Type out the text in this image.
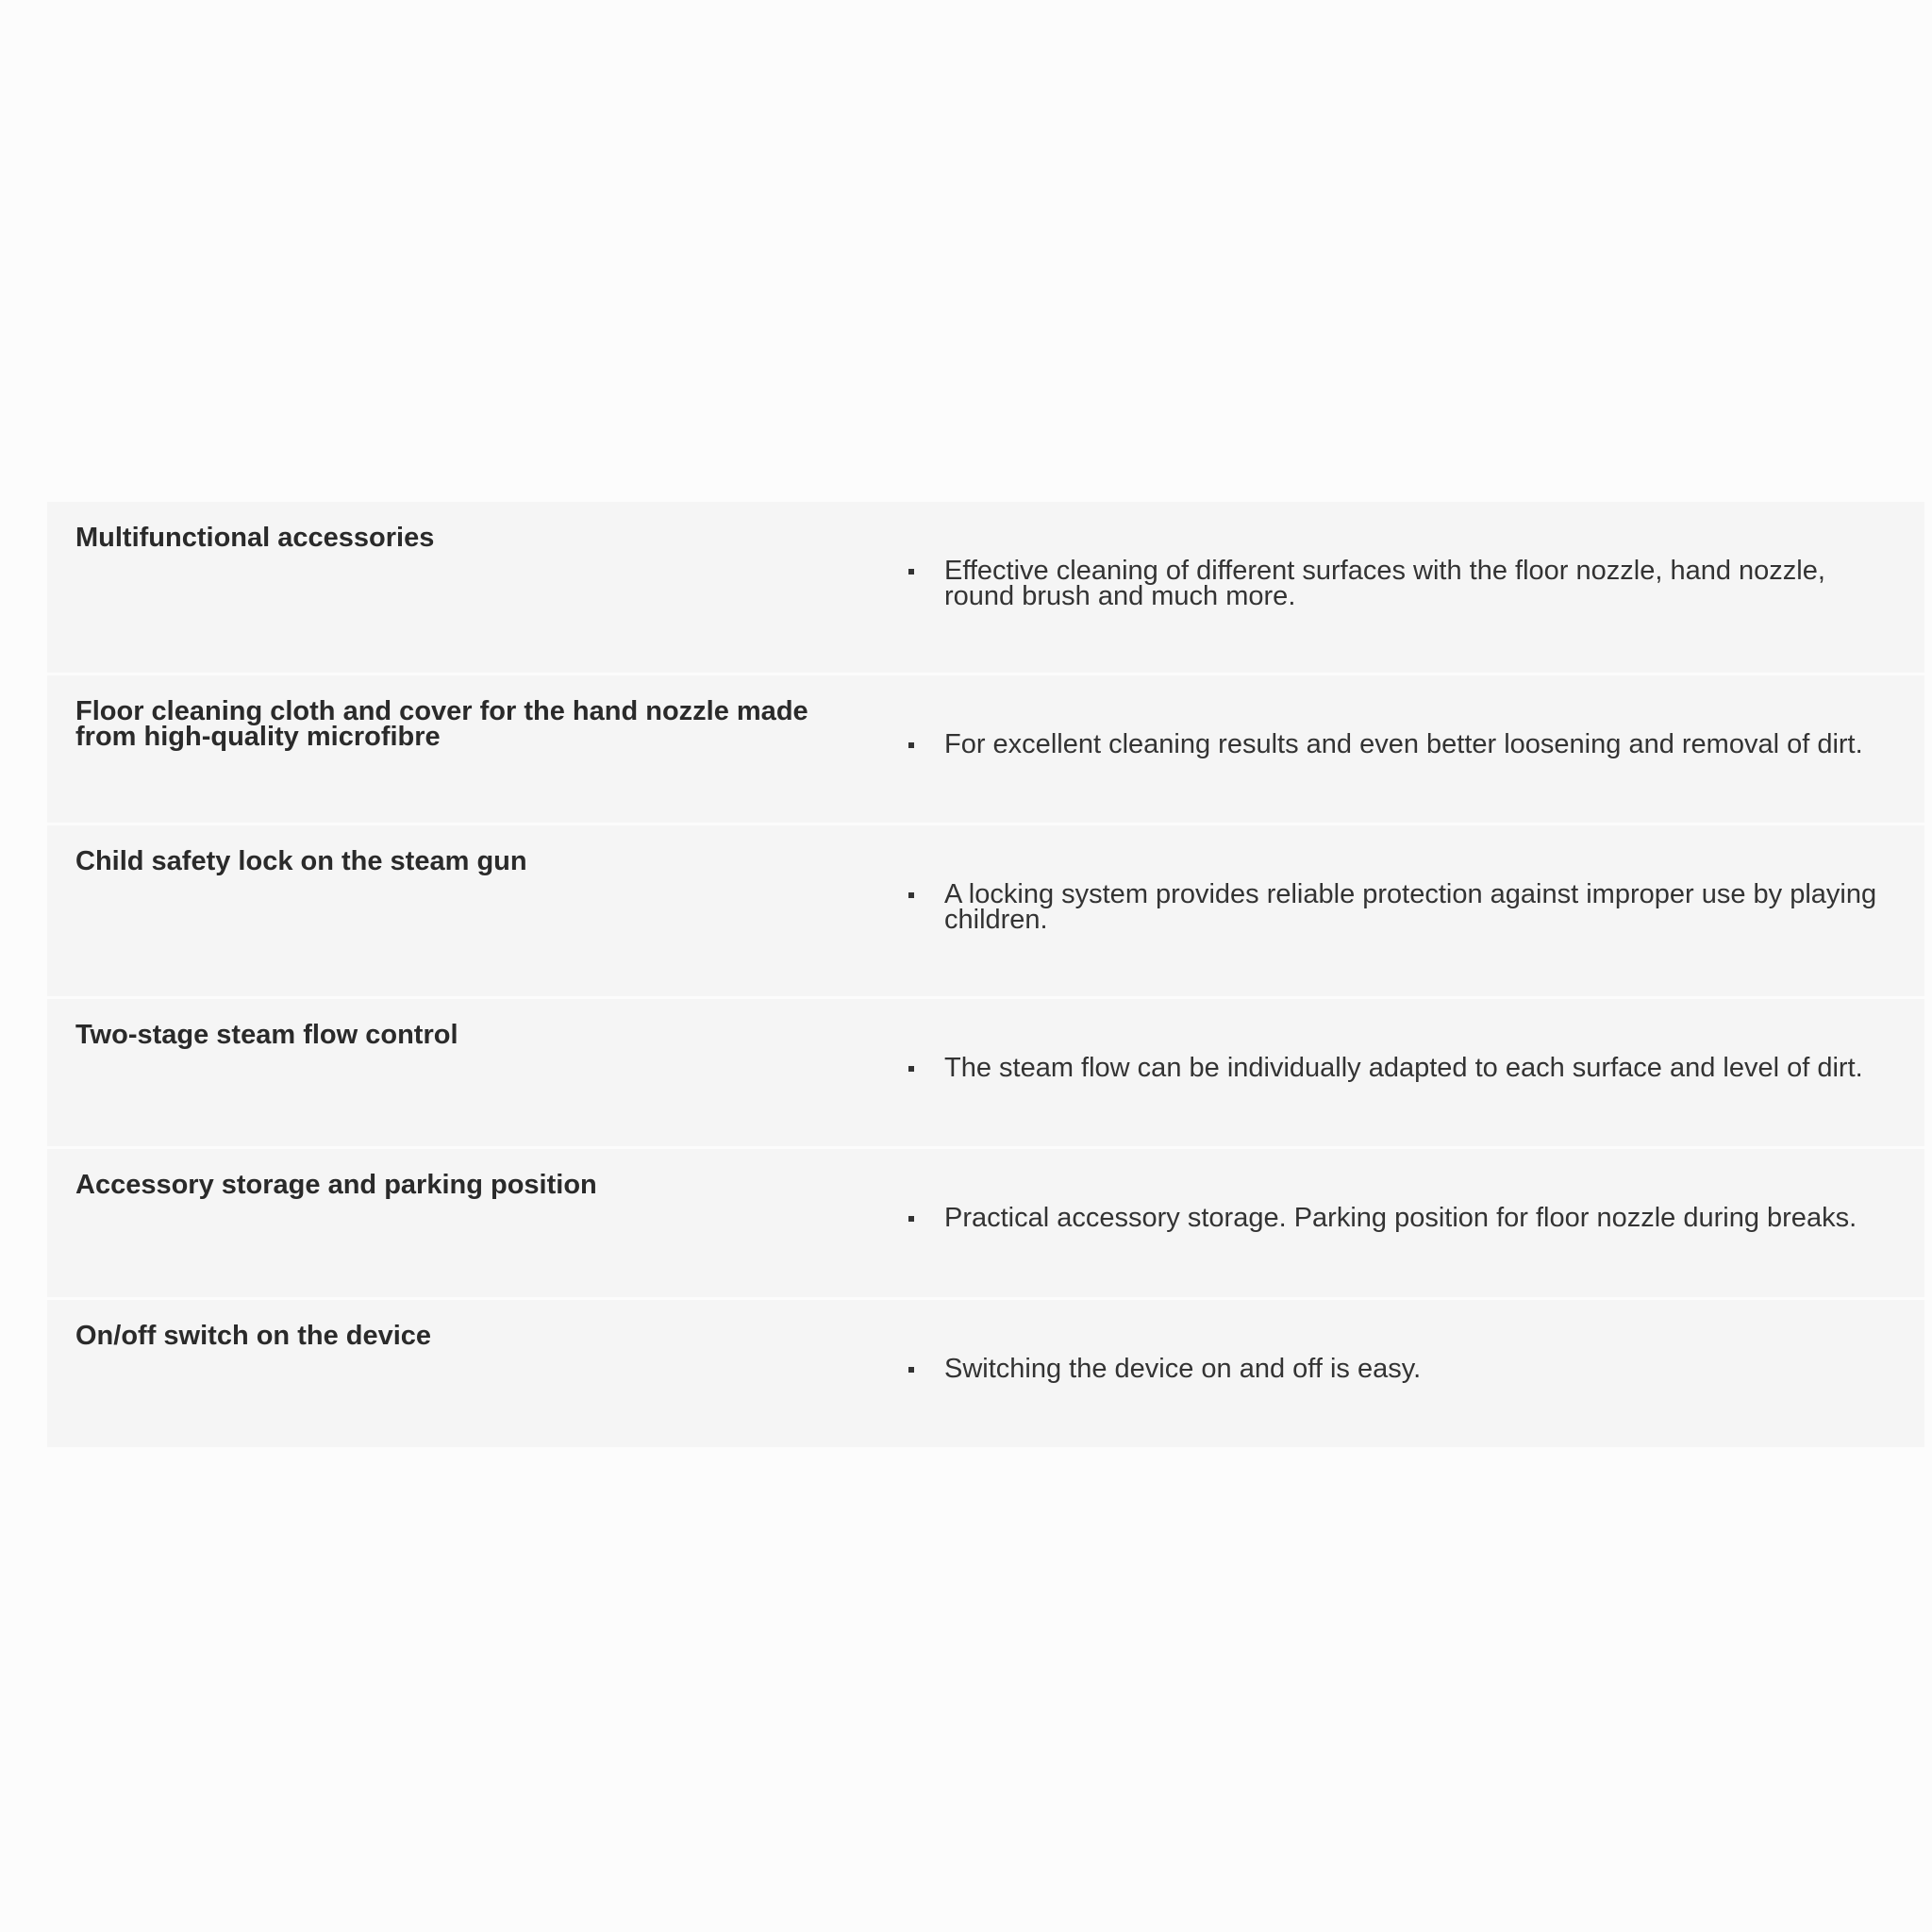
Multifunctional accessories
Effective cleaning of different surfaces with the floor nozzle, hand nozzle, round brush and much more.
Floor cleaning cloth and cover for the hand nozzle made from high-quality microfibre	For excellent cleaning results and even better loosening and removal of dirt.
Child safety lock on the steam gun
A locking system provides reliable protection against improper use by playing children.
Two-stage steam flow control
The steam flow can be individually adapted to each surface and level of dirt.
Accessory storage and parking position
Practical accessory storage. Parking position for floor nozzle during breaks.
On/off switch on the device
Switching the device on and off is easy.
